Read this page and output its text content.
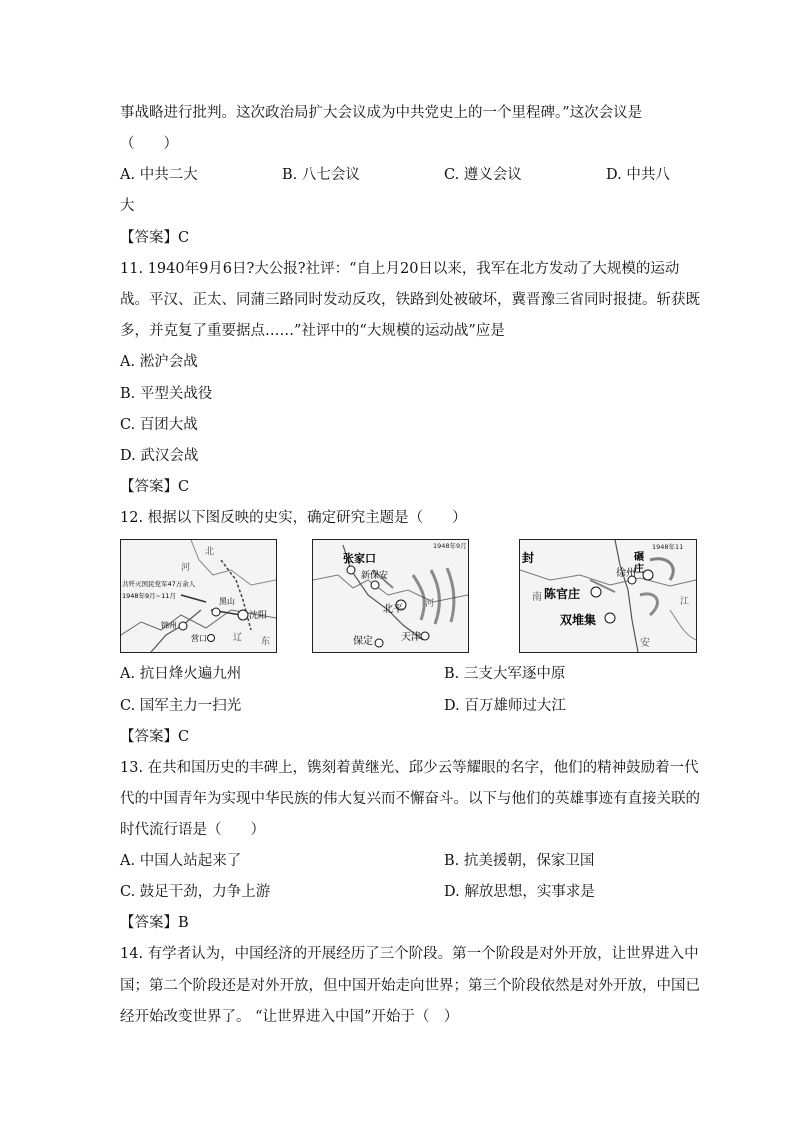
事战略进行批判。这次政治局扩大会议成为中共党史上的一个里程碑。”这次会议是
（　　）
A. 中共二大	B. 八七会议	C. 遵义会议	D. 中共八
大
【答案】C
11. 1940年9月6日?大公报?社评：“自上月20日以来，我军在北方发动了大规模的运动
战。平汉、正太、同蒲三路同时发动反攻，铁路到处被破坏，冀晋豫三省同时报捷。斩获既
多，并克复了重要据点……”社评中的“大规模的运动战”应是
A. 淞沪会战
B. 平型关战役
C. 百团大战
D. 武汉会战
【答案】C
12. 根据以下图反映的史实，确定研究主题是（　　）
北
河
共歼灭国民党军47万余人
1948年9月~11月
锦州
沈阳
黑山
营口	辽 东
1948年9月
张家口
新保安
北平
天津
保定
河
1948年11
封	碾
庄
徐州
陈官庄
双堆集
南
安
江
A. 抗日烽火遍九州	B. 三支大军逐中原
C. 国军主力一扫光	D. 百万雄师过大江
【答案】C
13. 在共和国历史的丰碑上，镌刻着黄继光、邱少云等耀眼的名字，他们的精神鼓励着一代
代的中国青年为实现中华民族的伟大复兴而不懈奋斗。以下与他们的英雄事迹有直接关联的
时代流行语是（　　）
A. 中国人站起来了	B. 抗美援朝，保家卫国
C. 鼓足干劲，力争上游	D. 解放思想，实事求是
【答案】B
14. 有学者认为，中国经济的开展经历了三个阶段。第一个阶段是对外开放，让世界进入中
国；第二个阶段还是对外开放，但中国开始走向世界；第三个阶段依然是对外开放，中国已
经开始改变世界了。 “让世界进入中国”开始于（　）
